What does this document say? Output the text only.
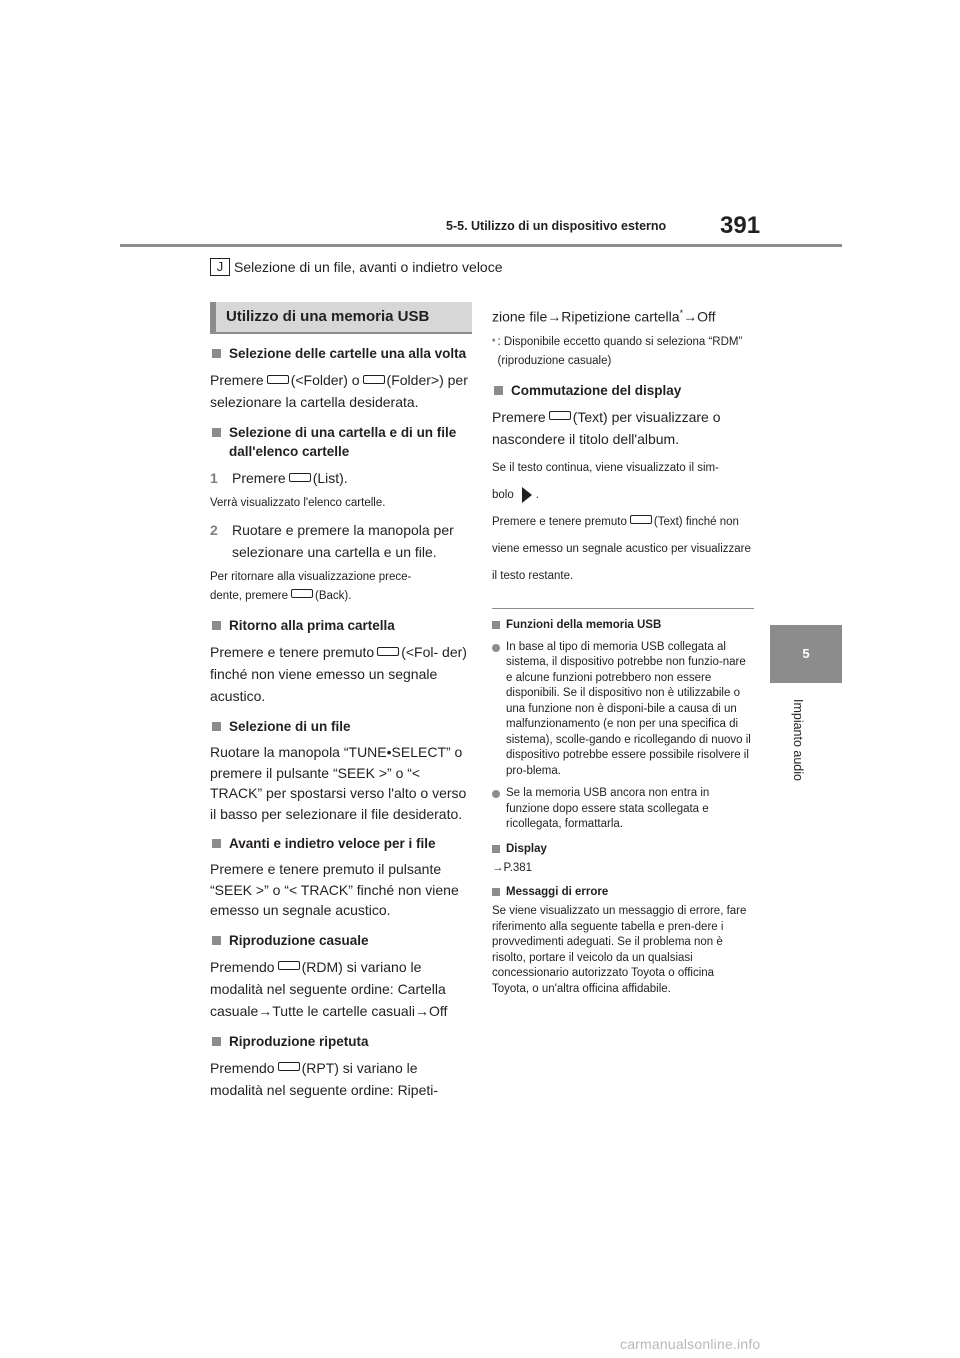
5-5. Utilizzo di un dispositivo esterno 391
5
Impianto audio
J Selezione di un file, avanti o indietro veloce
Utilizzo di una memoria USB
Selezione delle cartelle una alla volta
Premere (<Folder) o (Folder>) per selezionare la cartella desiderata.
Selezione di una cartella e di un file dall'elenco cartelle
1	Premere (List).
Verrà visualizzato l'elenco cartelle.
2	Ruotare e premere la manopola per selezionare una cartella e un file.
Per ritornare alla visualizzazione prece-
dente, premere (Back).
Ritorno alla prima cartella
Premere e tenere premuto (<Fol- der) finché non viene emesso un segnale acustico.
Selezione di un file
Ruotare la manopola “TUNE•SELECT” o premere il pulsante “SEEK >” o “< TRACK” per spostarsi verso l'alto o verso il basso per selezionare il file desiderato.
Avanti e indietro veloce per i file
Premere e tenere premuto il pulsante “SEEK >” o “< TRACK” finché non viene emesso un segnale acustico.
Riproduzione casuale
Premendo (RDM) si variano le modalità nel seguente ordine: Cartella casuale→Tutte le cartelle casuali→Off
Riproduzione ripetuta
Premendo (RPT) si variano le modalità nel seguente ordine: Ripeti-
zione file→Ripetizione cartella*→Off
* : Disponibile eccetto quando si seleziona “RDM” (riproduzione casuale)
Commutazione del display
Premere (Text) per visualizzare o nascondere il titolo dell'album.
Se il testo continua, viene visualizzato il sim-
bolo .
Premere e tenere premuto (Text) finché non viene emesso un segnale acustico per visualizzare il testo restante.
Funzioni della memoria USB
In base al tipo di memoria USB collegata al sistema, il dispositivo potrebbe non funzio-nare e alcune funzioni potrebbero non essere disponibili. Se il dispositivo non è utilizzabile o una funzione non è disponi-bile a causa di un malfunzionamento (e non per una specifica di sistema), scolle-gando e ricollegando di nuovo il dispositivo potrebbe essere possibile risolvere il pro-blema.
Se la memoria USB ancora non entra in funzione dopo essere stata scollegata e ricollegata, formattarla.
Display
→P.381
Messaggi di errore
Se viene visualizzato un messaggio di errore, fare riferimento alla seguente tabella e pren-dere i provvedimenti adeguati. Se il problema non è risolto, portare il veicolo da un qualsiasi concessionario autorizzato Toyota o officina Toyota, o un'altra officina affidabile.
carmanualsonline.info
